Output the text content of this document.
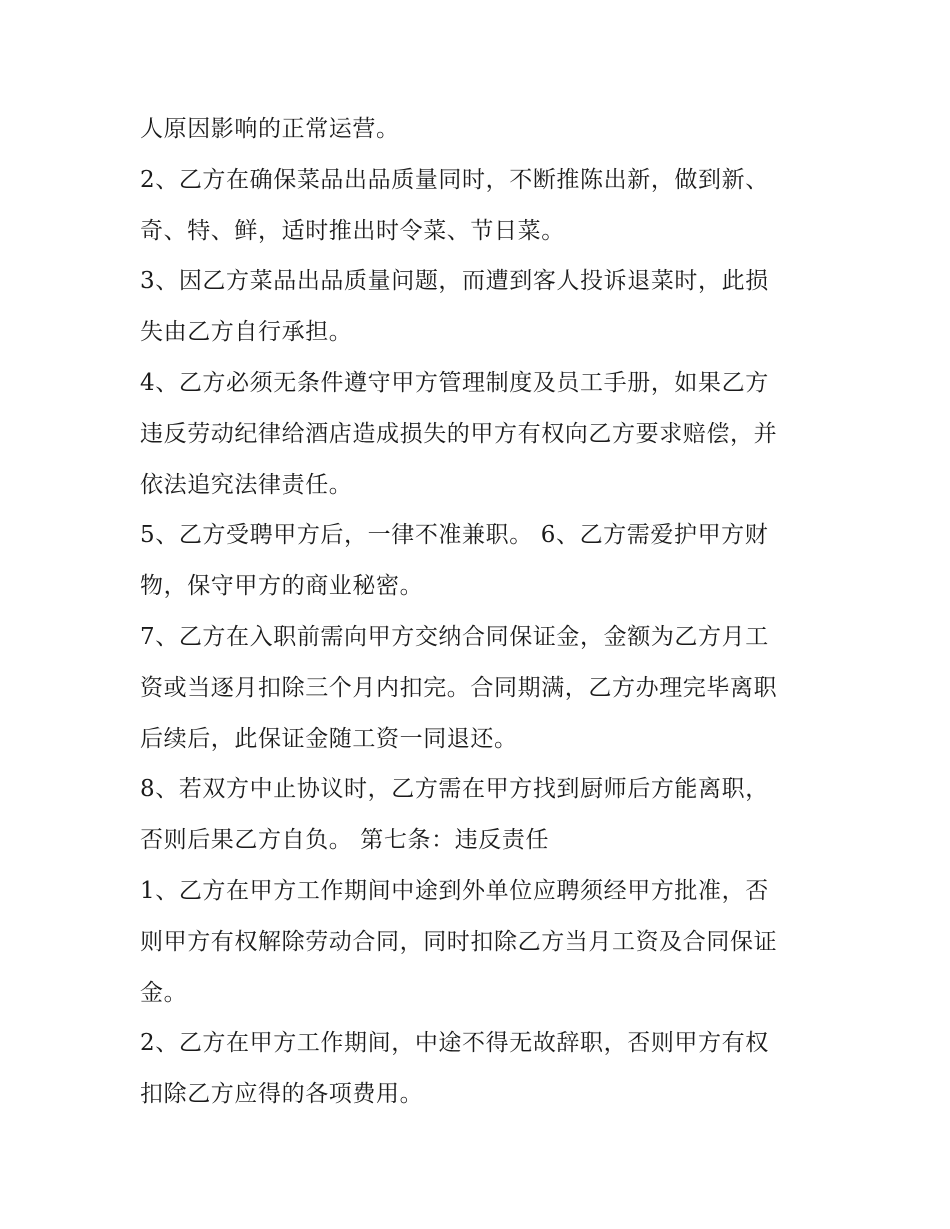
人原因影响的正常运营。
2、乙方在确保菜品出品质量同时，不断推陈出新，做到新、
奇、特、鲜，适时推出时令菜、节日菜。
3、因乙方菜品出品质量问题，而遭到客人投诉退菜时，此损
失由乙方自行承担。
4、乙方必须无条件遵守甲方管理制度及员工手册，如果乙方
违反劳动纪律给酒店造成损失的甲方有权向乙方要求赔偿，并
依法追究法律责任。
5、乙方受聘甲方后，一律不准兼职。 6、乙方需爱护甲方财
物，保守甲方的商业秘密。
7、乙方在入职前需向甲方交纳合同保证金，金额为乙方月工
资或当逐月扣除三个月内扣完。合同期满，乙方办理完毕离职
后续后，此保证金随工资一同退还。
8、若双方中止协议时，乙方需在甲方找到厨师后方能离职，
否则后果乙方自负。 第七条：违反责任
1、乙方在甲方工作期间中途到外单位应聘须经甲方批准，否
则甲方有权解除劳动合同，同时扣除乙方当月工资及合同保证
金。
2、乙方在甲方工作期间，中途不得无故辞职，否则甲方有权
扣除乙方应得的各项费用。
